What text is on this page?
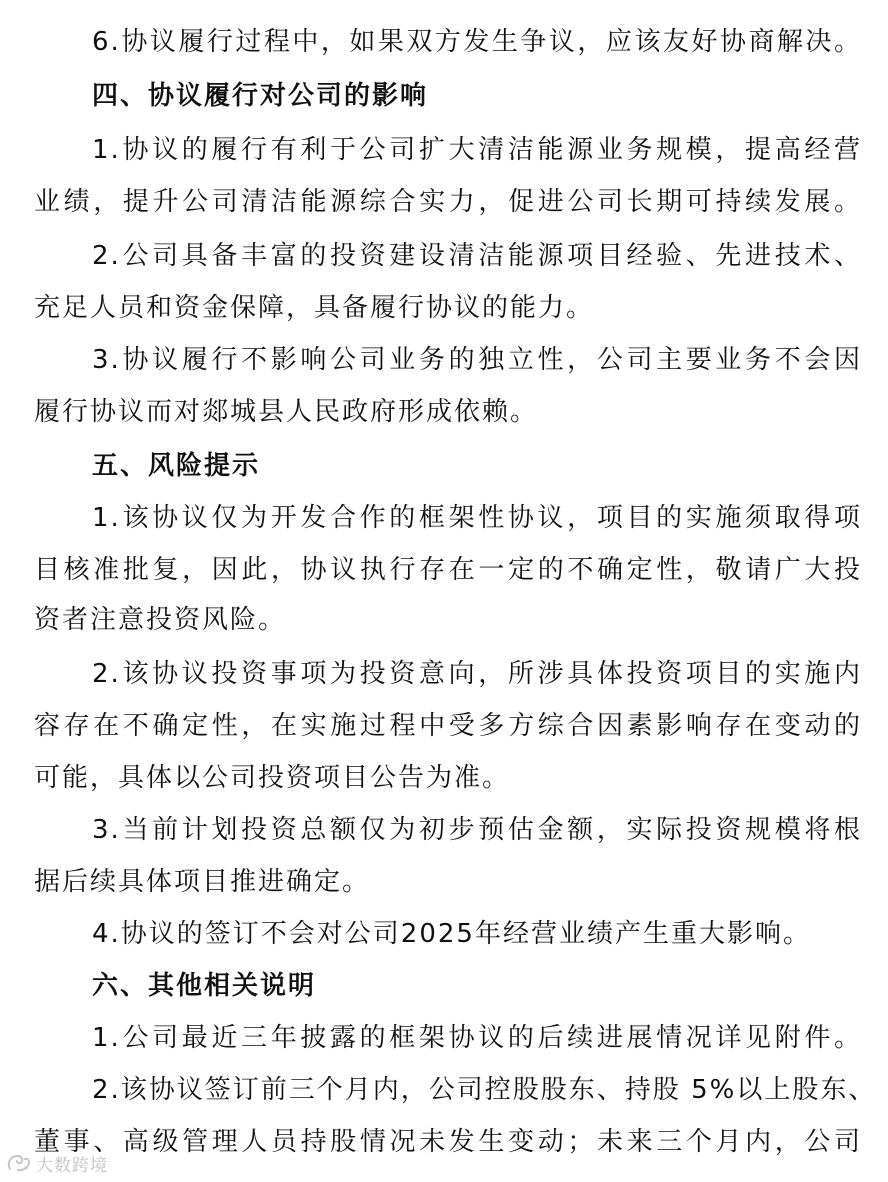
6.协议履行过程中，如果双方发生争议，应该友好协商解决。
四、协议履行对公司的影响
1.协议的履行有利于公司扩大清洁能源业务规模，提高经营
业绩，提升公司清洁能源综合实力，促进公司长期可持续发展。
2.公司具备丰富的投资建设清洁能源项目经验、先进技术、
充足人员和资金保障，具备履行协议的能力。
3.协议履行不影响公司业务的独立性，公司主要业务不会因
履行协议而对郯城县人民政府形成依赖。
五、风险提示
1.该协议仅为开发合作的框架性协议，项目的实施须取得项
目核准批复，因此，协议执行存在一定的不确定性，敬请广大投
资者注意投资风险。
2.该协议投资事项为投资意向，所涉具体投资项目的实施内
容存在不确定性，在实施过程中受多方综合因素影响存在变动的
可能，具体以公司投资项目公告为准。
3.当前计划投资总额仅为初步预估金额，实际投资规模将根
据后续具体项目推进确定。
4.协议的签订不会对公司2025年经营业绩产生重大影响。
六、其他相关说明
1.公司最近三年披露的框架协议的后续进展情况详见附件。
2.该协议签订前三个月内，公司控股股东、持股 5%以上股东、
董事、高级管理人员持股情况未发生变动；未来三个月内，公司
大数跨境
